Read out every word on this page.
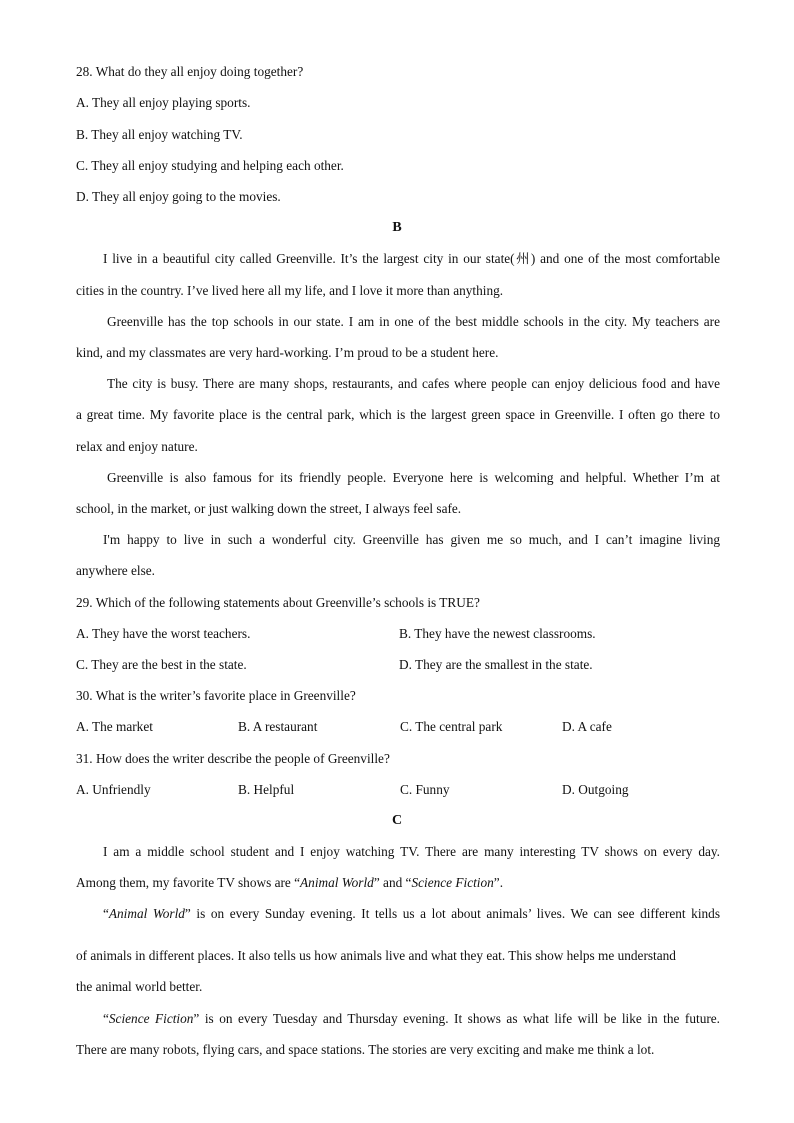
28. What do they all enjoy doing together?
A. They all enjoy playing sports.
B. They all enjoy watching TV.
C. They all enjoy studying and helping each other.
D. They all enjoy going to the movies.
B
I live in a beautiful city called Greenville. It’s the largest city in our state(州) and one of the most comfortable
cities in the country. I’ve lived here all my life, and I love it more than anything.
Greenville has the top schools in our state. I am in one of the best middle schools in the city. My teachers are
kind, and my classmates are very hard-working. I’m proud to be a student here.
The city is busy. There are many shops, restaurants, and cafes where people can enjoy delicious food and have
a great time. My favorite place is the central park, which is the largest green space in Greenville. I often go there to
relax and enjoy nature.
Greenville is also famous for its friendly people. Everyone here is welcoming and helpful. Whether I’m at
school, in the market, or just walking down the street, I always feel safe.
I'm happy to live in such a wonderful city. Greenville has given me so much, and I can’t imagine living
anywhere else.
29. Which of the following statements about Greenville’s schools is TRUE?
A. They have the worst teachers.	B. They have the newest classrooms.
C. They are the best in the state.	D. They are the smallest in the state.
30. What is the writer’s favorite place in Greenville?
A. The market	B. A restaurant	C. The central park	D. A cafe
31. How does the writer describe the people of Greenville?
A. Unfriendly	B. Helpful	C. Funny	D. Outgoing
C
I am a middle school student and I enjoy watching TV. There are many interesting TV shows on every day.
Among them, my favorite TV shows are “Animal World” and “Science Fiction”.
“Animal World” is on every Sunday evening. It tells us a lot about animals’ lives. We can see different kinds
of animals in different places. It also tells us how animals live and what they eat. This show helps me understand
the animal world better.
“Science Fiction” is on every Tuesday and Thursday evening. It shows as what life will be like in the future.
There are many robots, flying cars, and space stations. The stories are very exciting and make me think a lot.
